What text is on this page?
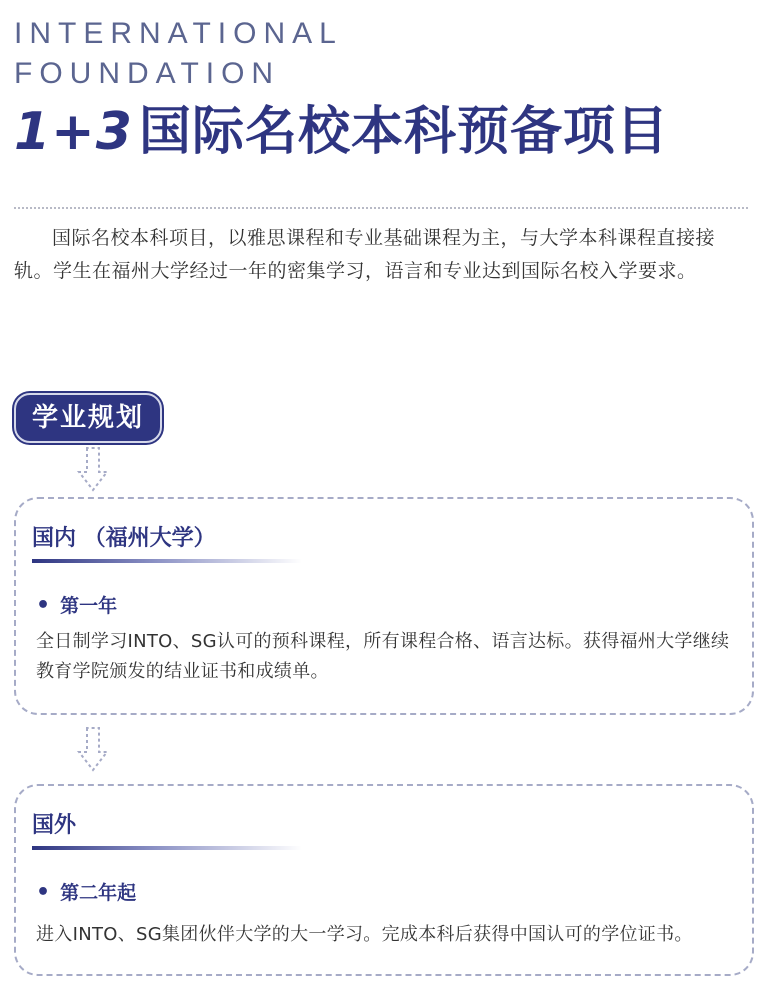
INTERNATIONAL
FOUNDATION
1+3 国际名校本科预备项目

国际名校本科项目，以雅思课程和专业基础课程为主，与大学本科课程直接接轨。学生在福州大学经过一年的密集学习，语言和专业达到国际名校入学要求。

学业规划
国内 （福州大学）
• 第一年

全日制学习INTO、SG认可的预科课程，所有课程合格、语言达标。获得福州大学继续教育学院颁发的结业证书和成绩单。

国外
• 第二年起

进入INTO、SG集团伙伴大学的大一学习。完成本科后获得中国认可的学位证书。
